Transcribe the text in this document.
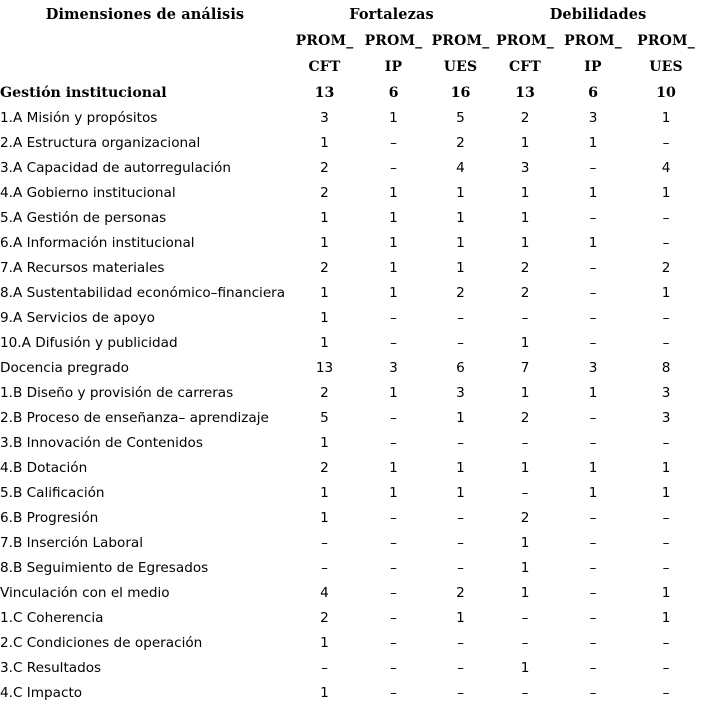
Dimensiones de análisis	Fortalezas			Debilidades		
	PROM_	PROM_	PROM_	PROM_	PROM_	PROM_
	CFT	IP	UES	CFT	IP	UES
Gestión institucional	13	6	16	13	6	10
1.A Misión y propósitos	3	1	5	2	3	1
2.A Estructura organizacional	1	–	2	1	1	–
3.A Capacidad de autorregulación	2	–	4	3	–	4
4.A Gobierno institucional	2	1	1	1	1	1
5.A Gestión de personas	1	1	1	1	–	–
6.A Información institucional	1	1	1	1	1	–
7.A Recursos materiales	2	1	1	2	–	2
8.A Sustentabilidad económico–financiera	1	1	2	2	–	1
9.A Servicios de apoyo	1	–	–	–	–	–
10.A Difusión y publicidad	1	–	–	1	–	–
Docencia pregrado	13	3	6	7	3	8
1.B Diseño y provisión de carreras	2	1	3	1	1	3
2.B Proceso de enseñanza– aprendizaje	5	–	1	2	–	3
3.B Innovación de Contenidos	1	–	–	–	–	–
4.B Dotación	2	1	1	1	1	1
5.B Calificación	1	1	1	–	1	1
6.B Progresión	1	–	–	2	–	–
7.B Inserción Laboral	–	–	–	1	–	–
8.B Seguimiento de Egresados	–	–	–	1	–	–
Vinculación con el medio	4	–	2	1	–	1
1.C Coherencia	2	–	1	–	–	1
2.C Condiciones de operación	1	–	–	–	–	–
3.C Resultados	–	–	–	1	–	–
4.C Impacto	1	–	–	–	–	–
